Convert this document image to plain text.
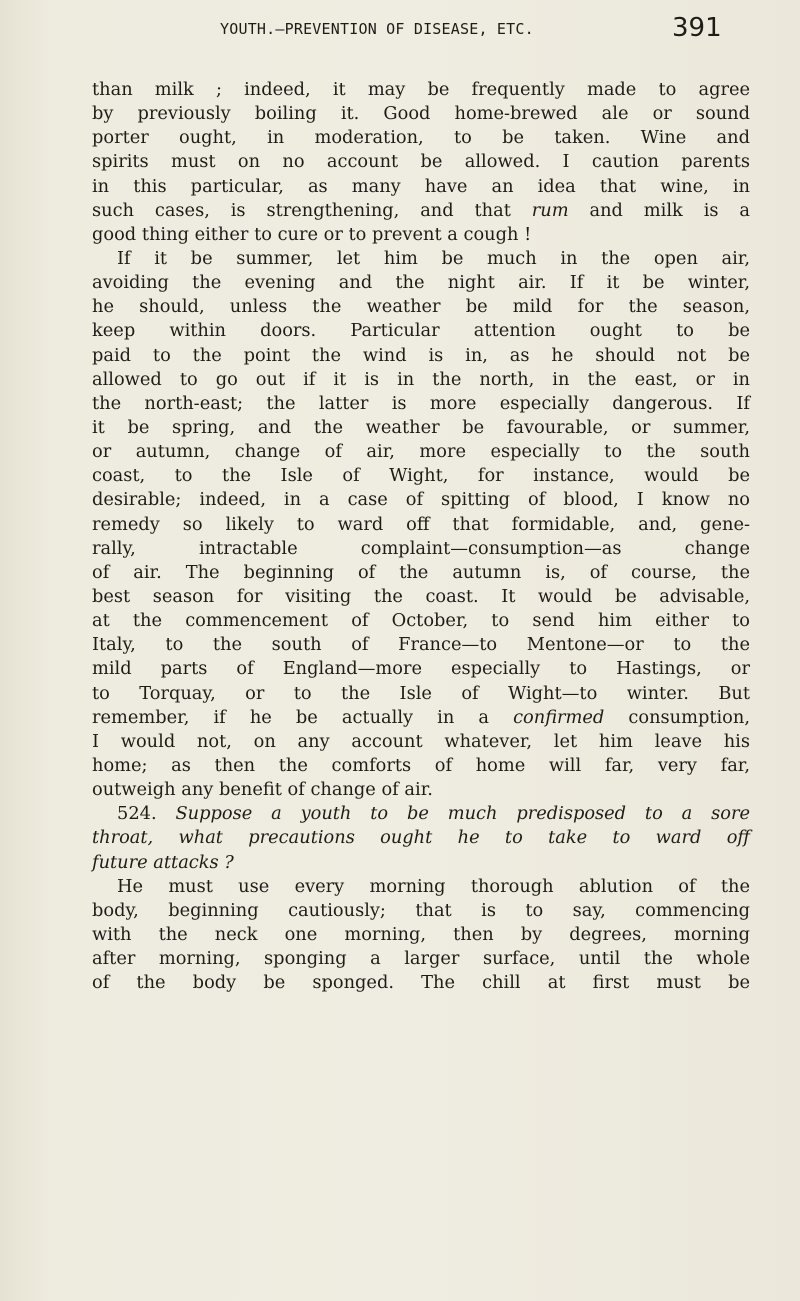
YOUTH.—PREVENTION OF DISEASE, ETC.	391
than milk ; indeed, it may be frequently made to agree
by previously boiling it. Good home-brewed ale or sound
porter ought, in moderation, to be taken. Wine and
spirits must on no account be allowed. I caution parents
in this particular, as many have an idea that wine, in
such cases, is strengthening, and that rum and milk is a
good thing either to cure or to prevent a cough !
If it be summer, let him be much in the open air,
avoiding the evening and the night air. If it be winter,
he should, unless the weather be mild for the season,
keep within doors. Particular attention ought to be
paid to the point the wind is in, as he should not be
allowed to go out if it is in the north, in the east, or in
the north-east; the latter is more especially dangerous. If
it be spring, and the weather be favourable, or summer,
or autumn, change of air, more especially to the south
coast, to the Isle of Wight, for instance, would be
desirable; indeed, in a case of spitting of blood, I know no
remedy so likely to ward off that formidable, and, gene-
rally, intractable complaint—consumption—as change
of air. The beginning of the autumn is, of course, the
best season for visiting the coast. It would be advisable,
at the commencement of October, to send him either to
Italy, to the south of France—to Mentone—or to the
mild parts of England—more especially to Hastings, or
to Torquay, or to the Isle of Wight—to winter. But
remember, if he be actually in a confirmed consumption,
I would not, on any account whatever, let him leave his
home; as then the comforts of home will far, very far,
outweigh any benefit of change of air.
524. Suppose a youth to be much predisposed to a sore
throat, what precautions ought he to take to ward off
future attacks ?
He must use every morning thorough ablution of the
body, beginning cautiously; that is to say, commencing
with the neck one morning, then by degrees, morning
after morning, sponging a larger surface, until the whole
of the body be sponged. The chill at first must be
